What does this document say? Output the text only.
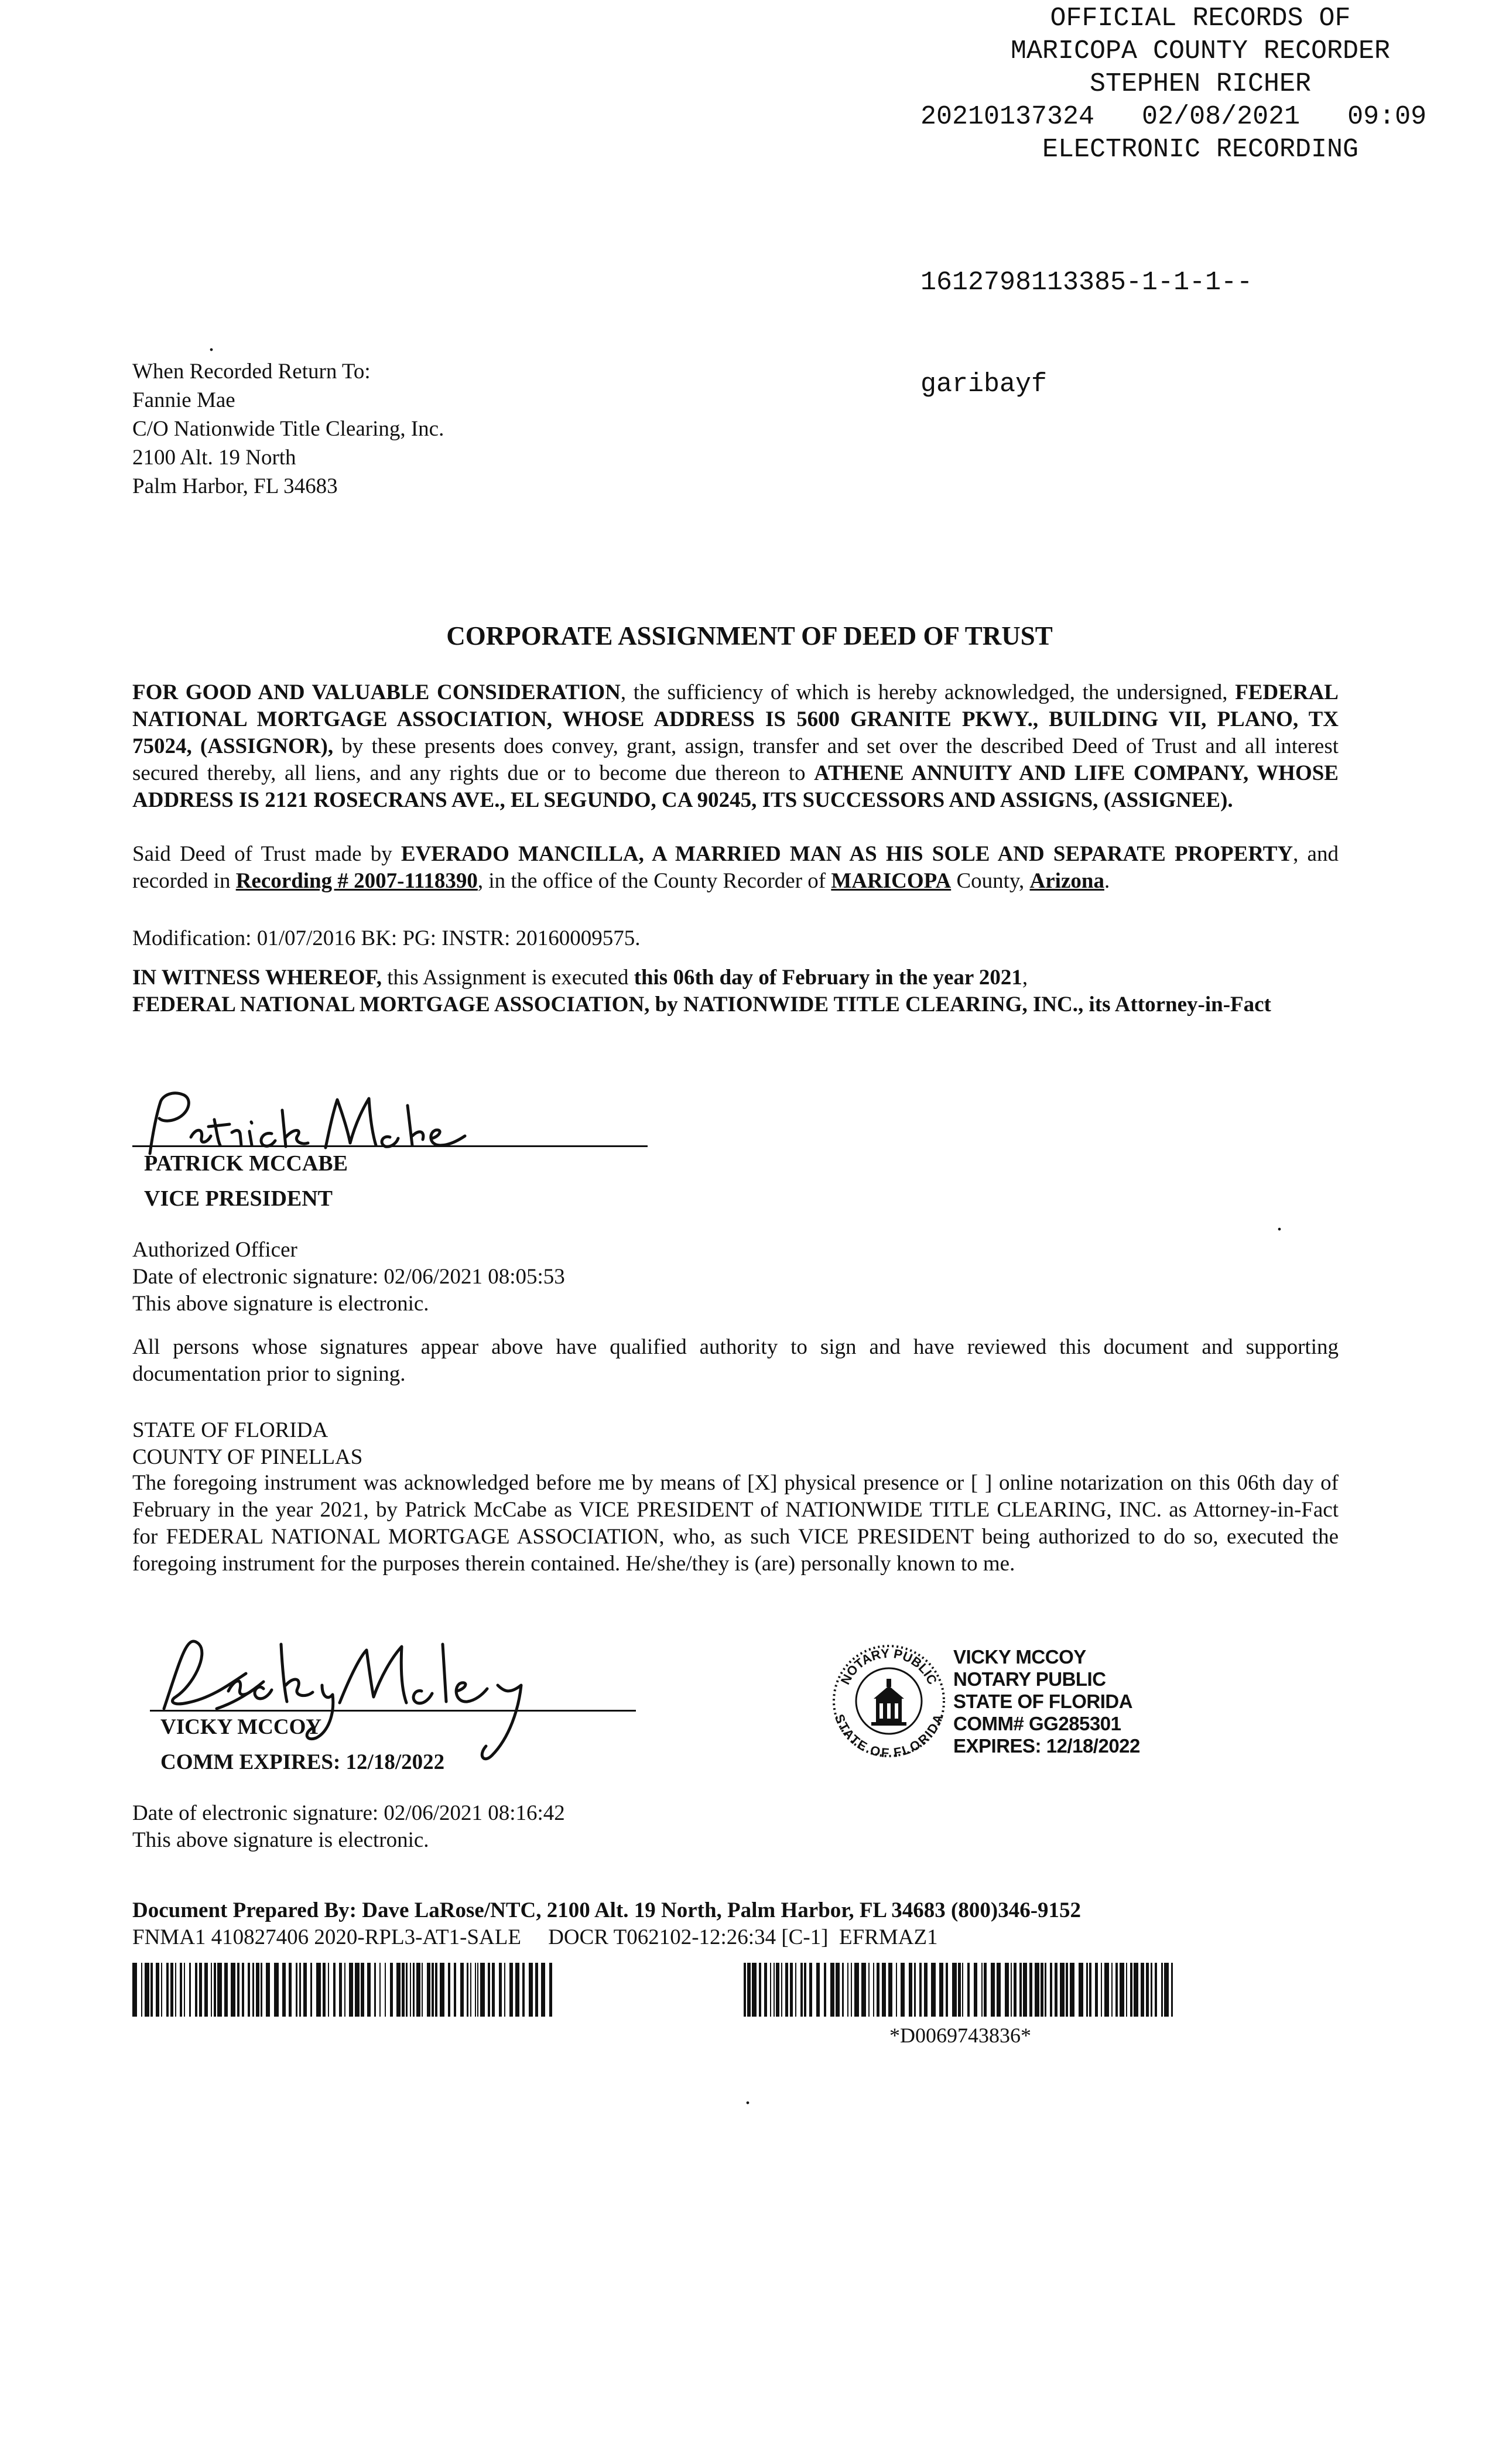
OFFICIAL RECORDS OF
MARICOPA COUNTY RECORDER
STEPHEN RICHER
20210137324   02/08/2021   09:09
ELECTRONIC RECORDING

1612798113385-1-1-1--

garibayf

.
When Recorded Return To:
Fannie Mae
C/O Nationwide Title Clearing, Inc.
2100 Alt. 19 North
Palm Harbor, FL 34683
CORPORATE ASSIGNMENT OF DEED OF TRUST
FOR GOOD AND VALUABLE CONSIDERATION, the sufficiency of which is hereby acknowledged, the undersigned, FEDERAL NATIONAL MORTGAGE ASSOCIATION, WHOSE ADDRESS IS 5600 GRANITE PKWY., BUILDING VII, PLANO, TX 75024, (ASSIGNOR), by these presents does convey, grant, assign, transfer and set over the described Deed of Trust and all interest secured thereby, all liens, and any rights due or to become due thereon to ATHENE ANNUITY AND LIFE COMPANY, WHOSE ADDRESS IS 2121 ROSECRANS AVE., EL SEGUNDO, CA 90245, ITS SUCCESSORS AND ASSIGNS, (ASSIGNEE).
Said Deed of Trust made by EVERADO MANCILLA, A MARRIED MAN AS HIS SOLE AND SEPARATE PROPERTY, and recorded in Recording # 2007-1118390, in the office of the County Recorder of MARICOPA County, Arizona.
Modification: 01/07/2016 BK: PG: INSTR: 20160009575.
IN WITNESS WHEREOF, this Assignment is executed this 06th day of February in the year 2021,
FEDERAL NATIONAL MORTGAGE ASSOCIATION, by NATIONWIDE TITLE CLEARING, INC., its Attorney-in-Fact
PATRICK MCCABE
VICE PRESIDENT
.
Authorized Officer
Date of electronic signature: 02/06/2021 08:05:53
This above signature is electronic.
All persons whose signatures appear above have qualified authority to sign and have reviewed this document and supporting documentation prior to signing.
STATE OF FLORIDA
COUNTY OF PINELLAS
The foregoing instrument was acknowledged before me by means of [X] physical presence or [ ] online notarization on this 06th day of February in the year 2021, by Patrick McCabe as VICE PRESIDENT of NATIONWIDE TITLE CLEARING, INC. as Attorney-in-Fact for FEDERAL NATIONAL MORTGAGE ASSOCIATION, who, as such VICE PRESIDENT being authorized to do so, executed the foregoing instrument for the purposes therein contained. He/she/they is (are) personally known to me.
VICKY MCCOY
COMM EXPIRES: 12/18/2022
NOTARY PUBLIC
STATE OF FLORIDA
VICKY MCCOY
NOTARY PUBLIC
STATE OF FLORIDA
COMM# GG285301
EXPIRES: 12/18/2022
Date of electronic signature: 02/06/2021 08:16:42
This above signature is electronic.
Document Prepared By: Dave LaRose/NTC, 2100 Alt. 19 North, Palm Harbor, FL 34683 (800)346-9152
FNMA1 410827406 2020-RPL3-AT1-SALE     DOCR T062102-12:26:34 [C-1]  EFRMAZ1
*D0069743836*
.
